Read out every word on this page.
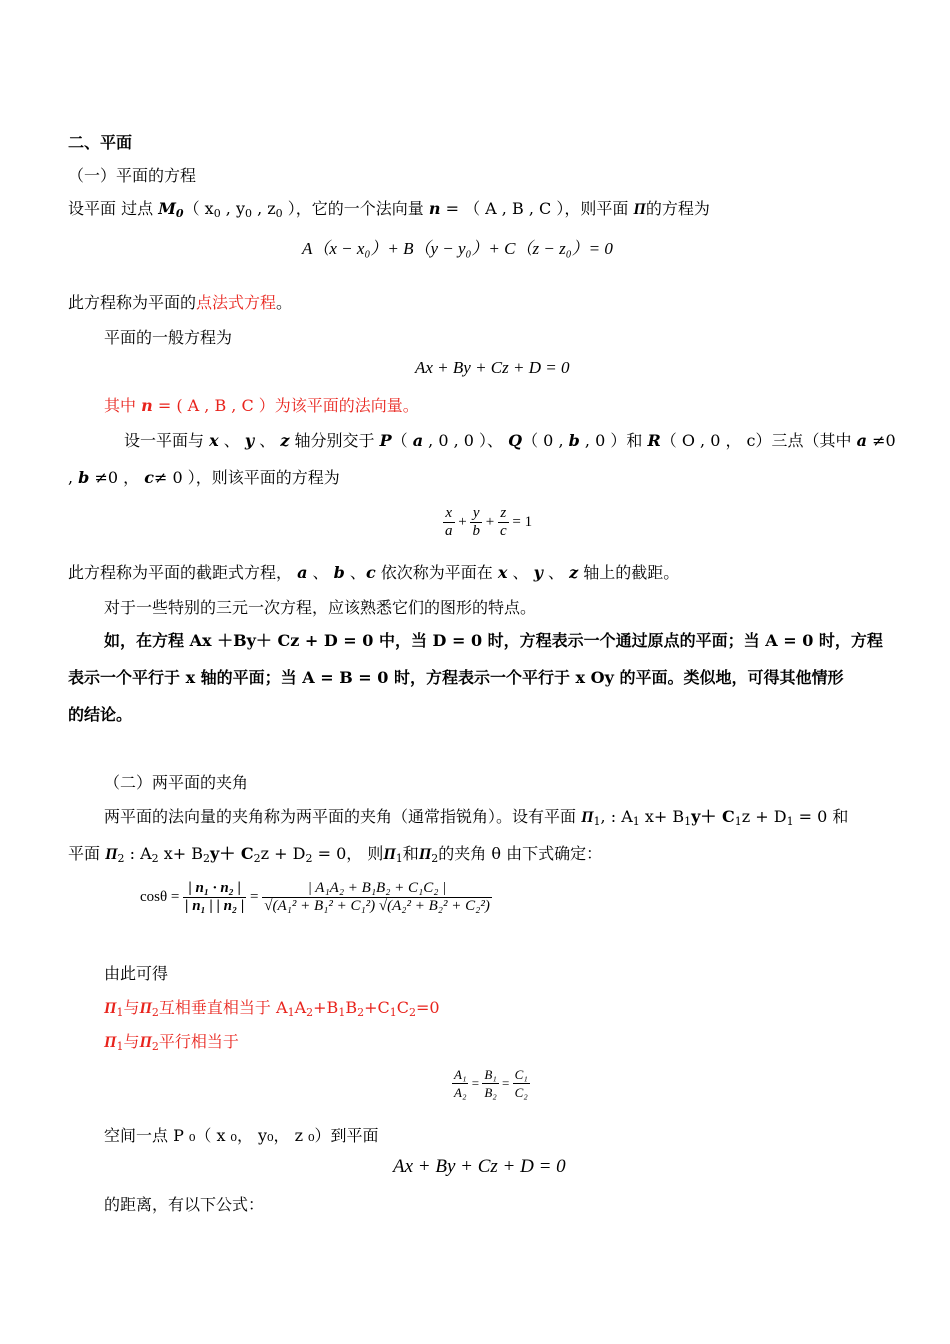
二、平面
（一）平面的方程
设平面 过点 $M_0$（ $x_0$ , $y_0$ , $z_0$ ），它的一个法向量 n = （ A , B , C ），则平面 Π的方程为
A（x − x₀）+ B（y − y₀）+ C（z − z₀）= 0
此方程称为平面的点法式方程。
平面的一般方程为
Ax + By + Cz + D = 0
其中 n = ( A , B , C ）为该平面的法向量。
设一平面与 x 、 y 、 z 轴分别交于 P（ a , 0 , 0 ）、 Q（ 0 , b , 0 ）和 R（ O , 0 ， c）三点（其中 a ≠0
, b ≠0 ， c≠ 0 ），则该平面的方程为
$\frac{x}{a} + \frac{y}{b} + \frac{z}{c} = 1$
此方程称为平面的截距式方程， a 、 b 、c 依次称为平面在 x 、 y 、 z 轴上的截距。
对于一些特别的三元一次方程，应该熟悉它们的图形的特点。
如，在方程 Ax ＋By＋ Cz + D = 0 中，当 D = 0 时，方程表示一个通过原点的平面；当 A = 0 时，方程
表示一个平行于 x 轴的平面；当 A = B = 0 时，方程表示一个平行于 x Oy 的平面。类似地，可得其他情形
的结论。
（二）两平面的夹角
两平面的法向量的夹角称为两平面的夹角（通常指锐角）。设有平面 $\Pi_1$, : $A_1$ $x+ B_1y+ C_1z + D_1 = 0$ 和
平面 $\Pi_2$ : $A_2$ $x+ B_2y+ C_2z + D_2 = 0$， 则$\Pi_1$和$\Pi_2$的夹角 θ 由下式确定：
$\cos\theta = \frac{\text{| n₁ · n₂ |}}{\text{| n₁ | | n₂ |}} = \frac{\text{| A₁A₂ + B₁B₂ + C₁C₂ |}}{\text{√(A₁² + B₁² + C₁²) √(A₂² + B₂² + C₂²)}}$
由此可得
$\Pi_1$与$\Pi_2$互相垂直相当于 $A_1A_2+B_1B_2+C_1C_2=0$
$\Pi_1$与$\Pi_2$平行相当于
$\frac{\text{A₁}}{\text{A₂}} = \frac{\text{B₁}}{\text{B₂}} = \frac{\text{C₁}}{\text{C₂}}$
空间一点 P ₀（ x ₀， y₀， z ₀）到平面
Ax + By + Cz + D = 0
的距离，有以下公式：
